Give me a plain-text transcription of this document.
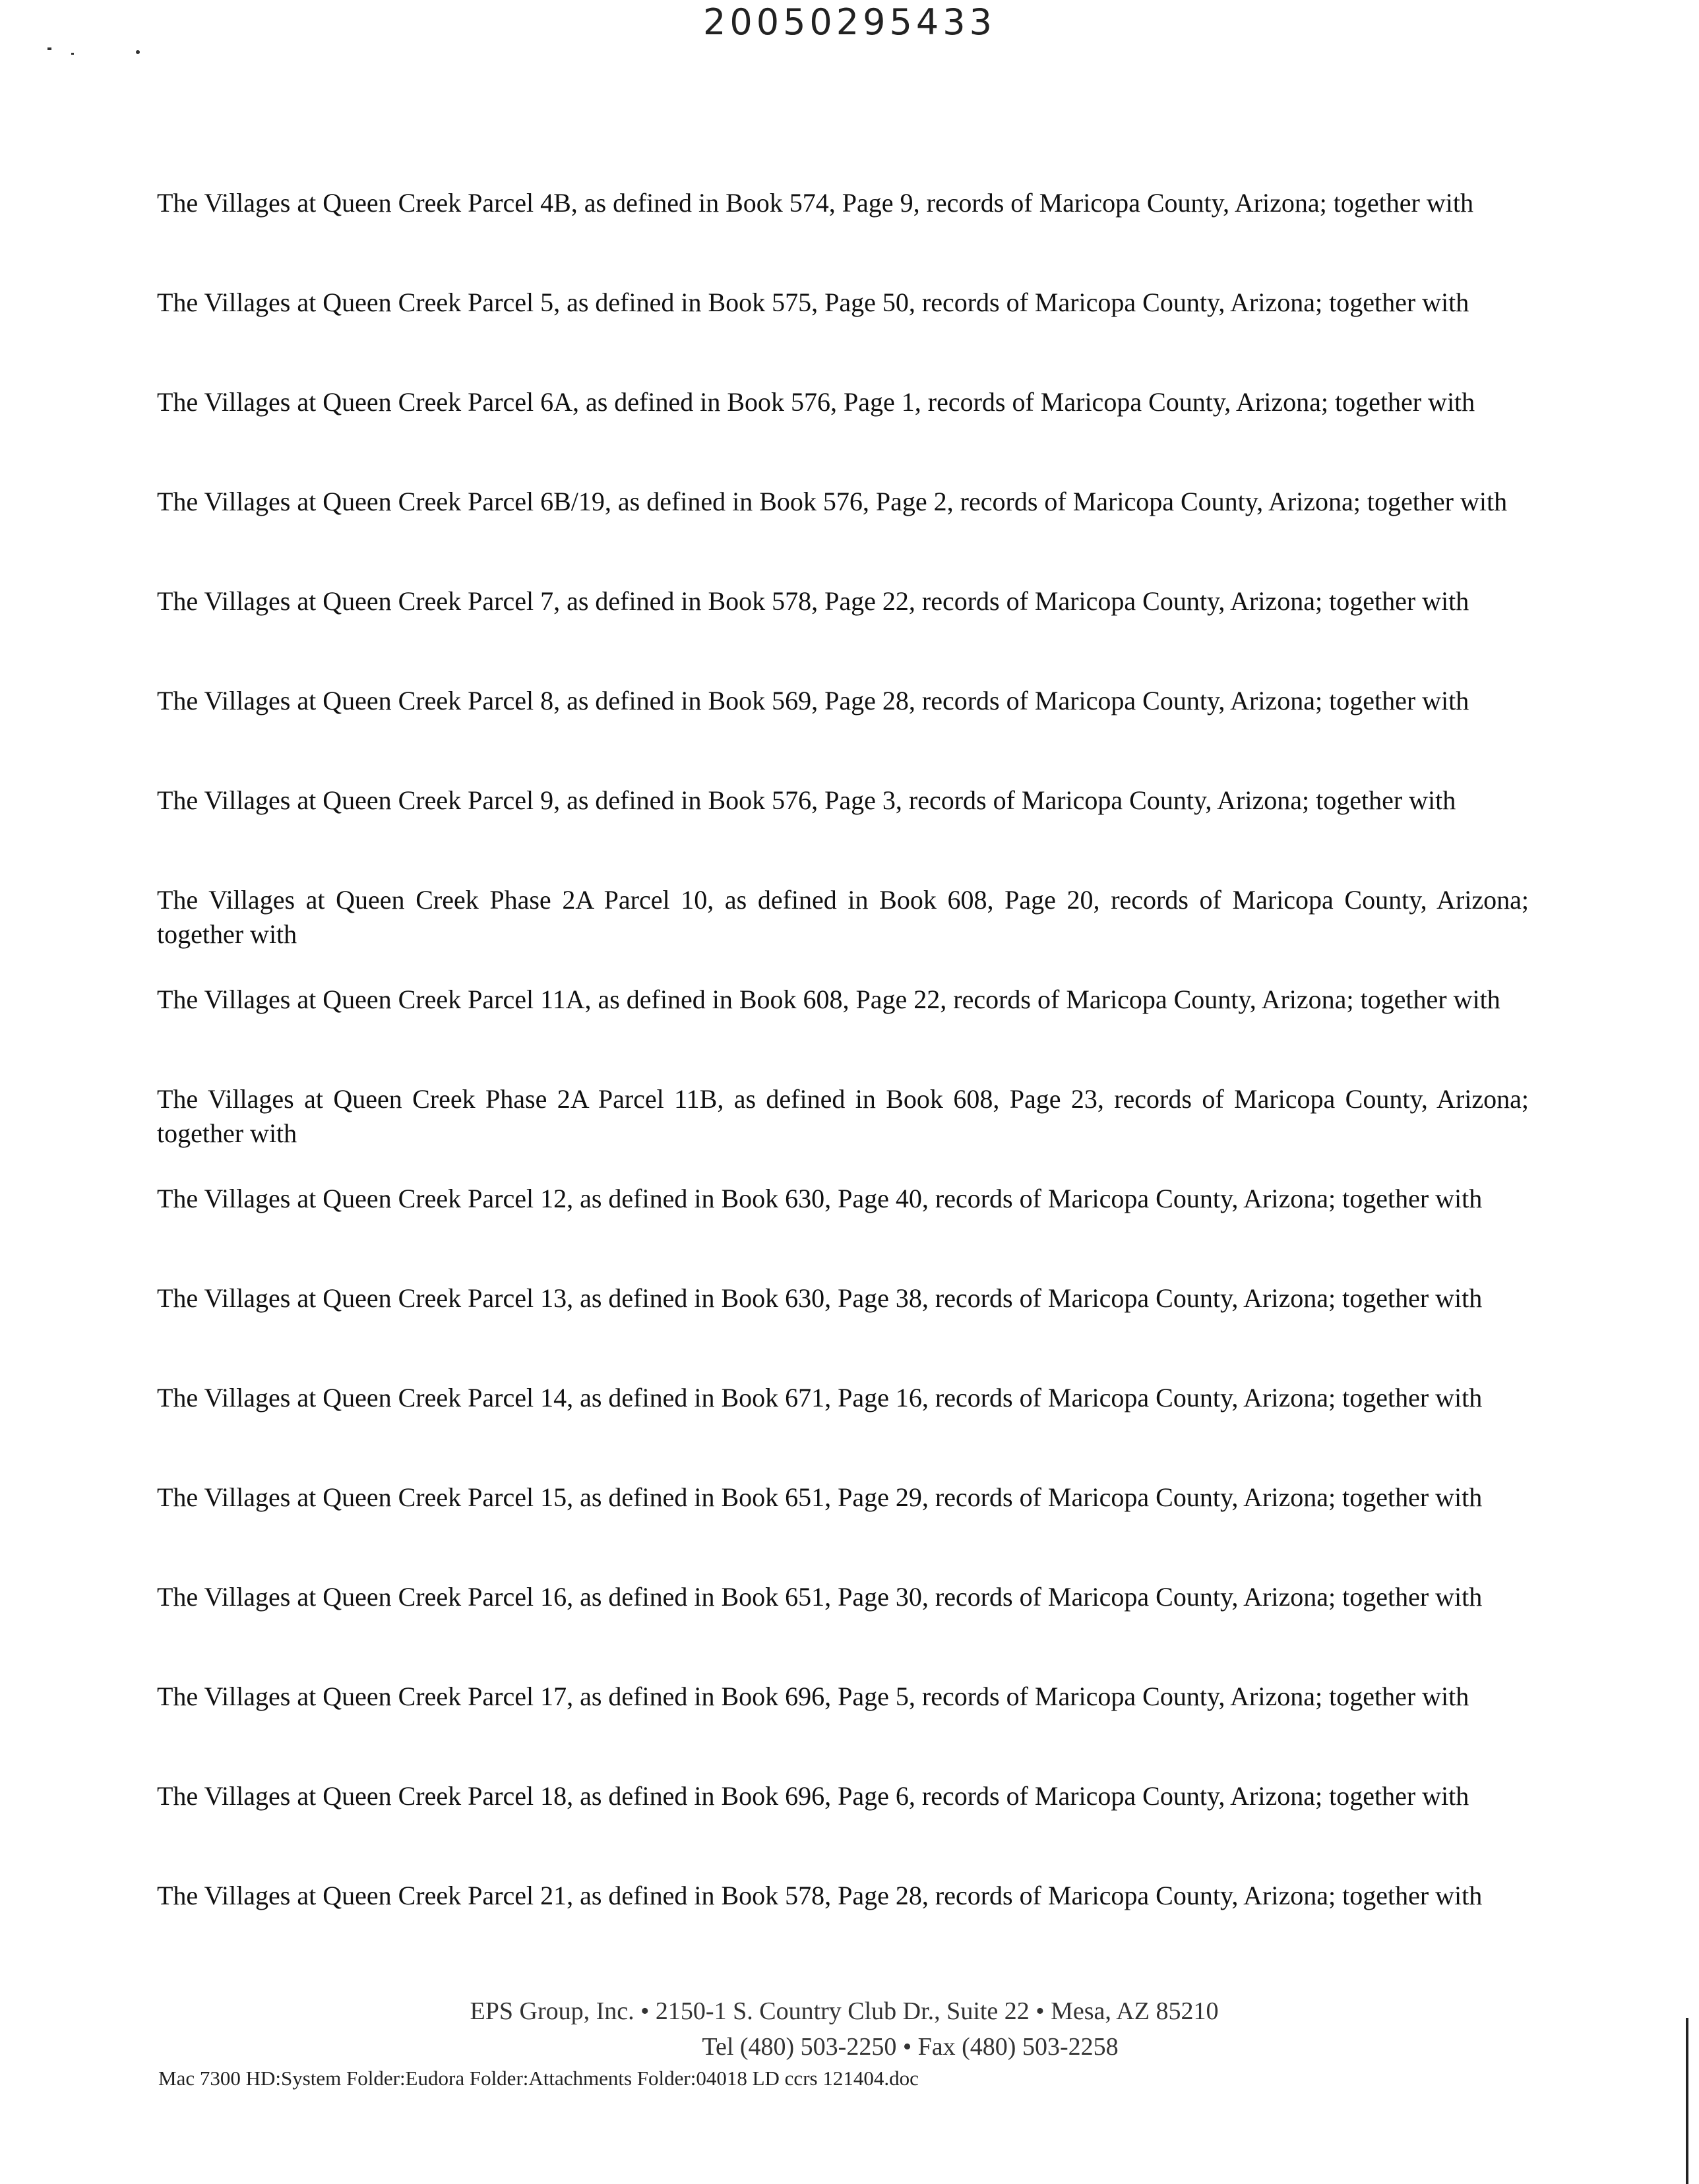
20050295433
The Villages at Queen Creek Parcel 4B, as defined in Book 574, Page 9, records of Maricopa County, Arizona; together with
The Villages at Queen Creek Parcel 5, as defined in Book 575, Page 50, records of Maricopa County, Arizona; together with
The Villages at Queen Creek Parcel 6A, as defined in Book 576, Page 1, records of Maricopa County, Arizona; together with
The Villages at Queen Creek Parcel 6B/19, as defined in Book 576, Page 2, records of Maricopa County, Arizona; together with
The Villages at Queen Creek Parcel 7, as defined in Book 578, Page 22, records of Maricopa County, Arizona; together with
The Villages at Queen Creek Parcel 8, as defined in Book 569, Page 28, records of Maricopa County, Arizona; together with
The Villages at Queen Creek Parcel 9, as defined in Book 576, Page 3, records of Maricopa County, Arizona; together with
The Villages at Queen Creek Phase 2A Parcel 10, as defined in Book 608, Page 20, records of Maricopa County, Arizona; together with
The Villages at Queen Creek Parcel 11A, as defined in Book 608, Page 22, records of Maricopa County, Arizona; together with
The Villages at Queen Creek Phase 2A Parcel 11B, as defined in Book 608, Page 23, records of Maricopa County, Arizona; together with
The Villages at Queen Creek Parcel 12, as defined in Book 630, Page 40, records of Maricopa County, Arizona; together with
The Villages at Queen Creek Parcel 13, as defined in Book 630, Page 38, records of Maricopa County, Arizona; together with
The Villages at Queen Creek Parcel 14, as defined in Book 671, Page 16, records of Maricopa County, Arizona; together with
The Villages at Queen Creek Parcel 15, as defined in Book 651, Page 29, records of Maricopa County, Arizona; together with
The Villages at Queen Creek Parcel 16, as defined in Book 651, Page 30, records of Maricopa County, Arizona; together with
The Villages at Queen Creek Parcel 17, as defined in Book 696, Page 5, records of Maricopa County, Arizona; together with
The Villages at Queen Creek Parcel 18, as defined in Book 696, Page 6, records of Maricopa County, Arizona; together with
The Villages at Queen Creek Parcel 21, as defined in Book 578, Page 28, records of Maricopa County, Arizona; together with
EPS Group, Inc. • 2150-1 S. Country Club Dr., Suite 22 • Mesa, AZ 85210
Tel (480) 503-2250 • Fax (480) 503-2258
Mac 7300 HD:System Folder:Eudora Folder:Attachments Folder:04018 LD ccrs 121404.doc
